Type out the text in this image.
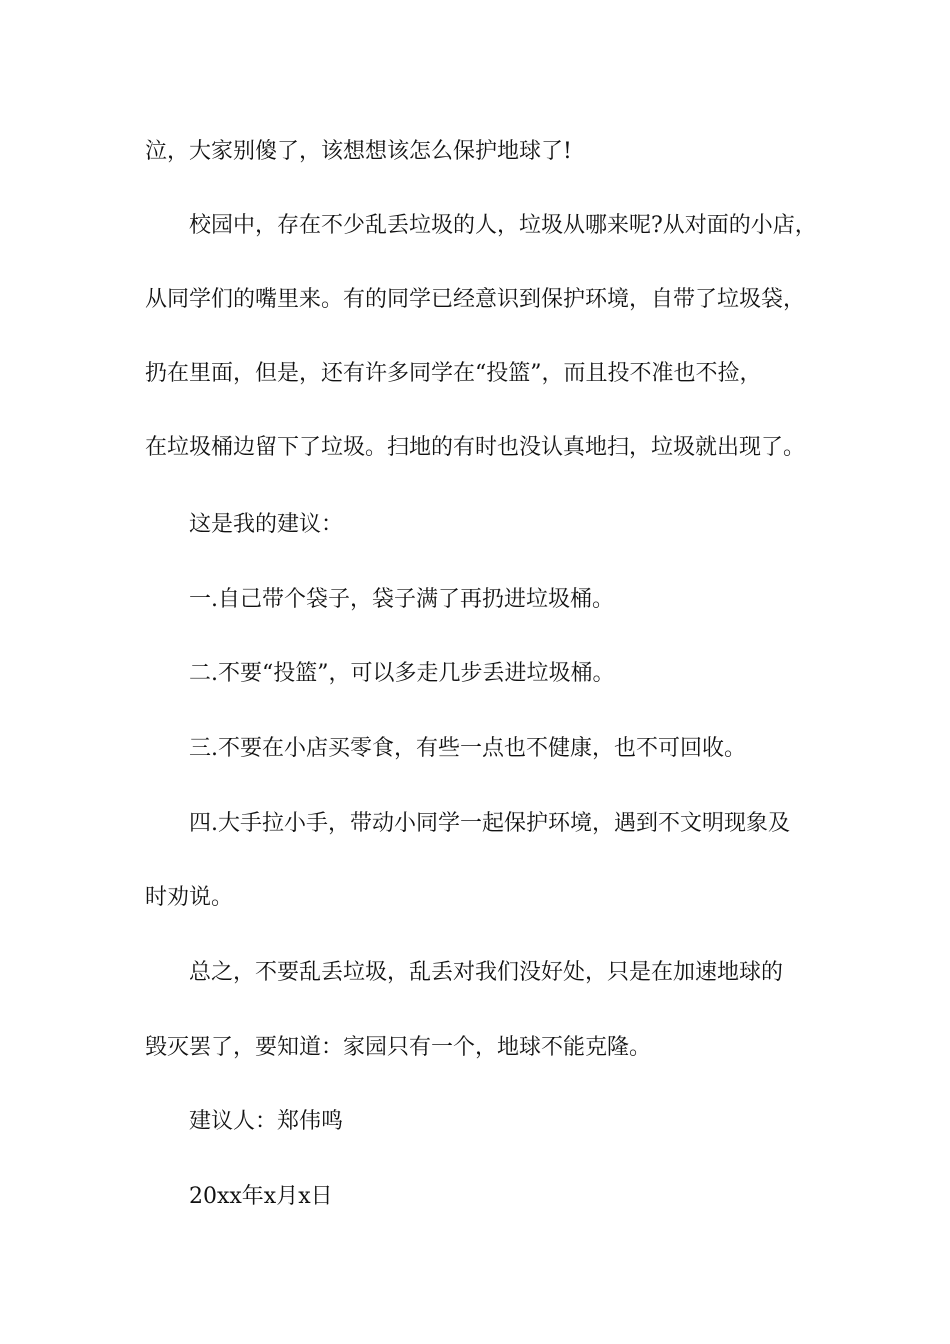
泣，大家别傻了，该想想该怎么保护地球了!
校园中，存在不少乱丢垃圾的人，垃圾从哪来呢?从对面的小店，
从同学们的嘴里来。有的同学已经意识到保护环境，自带了垃圾袋，
扔在里面，但是，还有许多同学在“投篮”，而且投不准也不捡，
在垃圾桶边留下了垃圾。扫地的有时也没认真地扫，垃圾就出现了。
这是我的建议：
一.自己带个袋子，袋子满了再扔进垃圾桶。
二.不要“投篮”，可以多走几步丢进垃圾桶。
三.不要在小店买零食，有些一点也不健康，也不可回收。
四.大手拉小手，带动小同学一起保护环境，遇到不文明现象及
时劝说。
总之，不要乱丢垃圾，乱丢对我们没好处，只是在加速地球的
毁灭罢了，要知道：家园只有一个，地球不能克隆。
建议人：郑伟鸣
20xx年x月x日
